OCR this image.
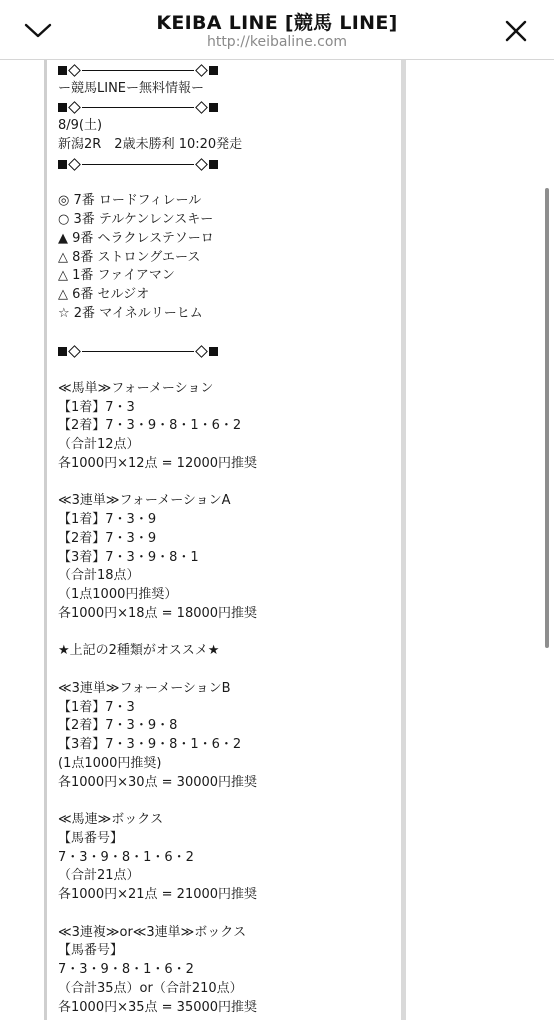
KEIBA LINE [競馬 LINE]
http://keibaline.com
ー競馬LINEー無料情報ー
8/9(土)
新潟2R　2歳未勝利 10:20発走
◎ 7番 ロードフィレール
○ 3番 テルケンレンスキー
▲ 9番 ヘラクレステソーロ
△ 8番 ストロングエース
△ 1番 ファイアマン
△ 6番 セルジオ
☆ 2番 マイネルリーヒム
≪馬単≫フォーメーション
【1着】7・3
【2着】7・3・9・8・1・6・2
（合計12点）
各1000円×12点 = 12000円推奨
≪3連単≫フォーメーションA
【1着】7・3・9
【2着】7・3・9
【3着】7・3・9・8・1
（合計18点）
（1点1000円推奨）
各1000円×18点 = 18000円推奨
★上記の2種類がオススメ★
≪3連単≫フォーメーションB
【1着】7・3
【2着】7・3・9・8
【3着】7・3・9・8・1・6・2
(1点1000円推奨)
各1000円×30点 = 30000円推奨
≪馬連≫ボックス
【馬番号】
7・3・9・8・1・6・2
（合計21点）
各1000円×21点 = 21000円推奨
≪3連複≫or≪3連単≫ボックス
【馬番号】
7・3・9・8・1・6・2
（合計35点）or（合計210点）
各1000円×35点 = 35000円推奨
